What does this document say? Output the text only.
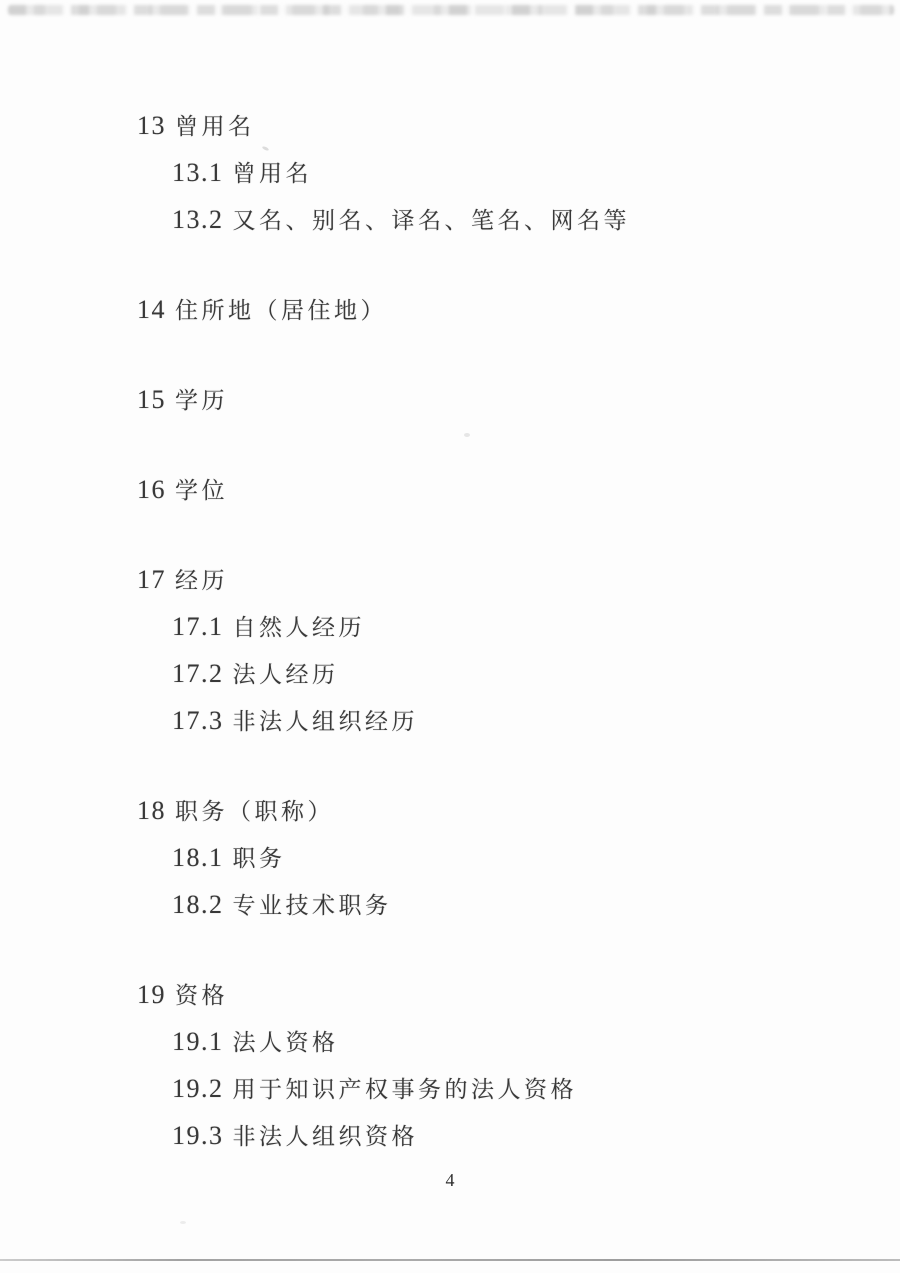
13 曾用名
13.1 曾用名
13.2 又名、别名、译名、笔名、网名等
14 住所地（居住地）
15 学历
16 学位
17 经历
17.1 自然人经历
17.2 法人经历
17.3 非法人组织经历
18 职务（职称）
18.1 职务
18.2 专业技术职务
19 资格
19.1 法人资格
19.2 用于知识产权事务的法人资格
19.3 非法人组织资格
4
